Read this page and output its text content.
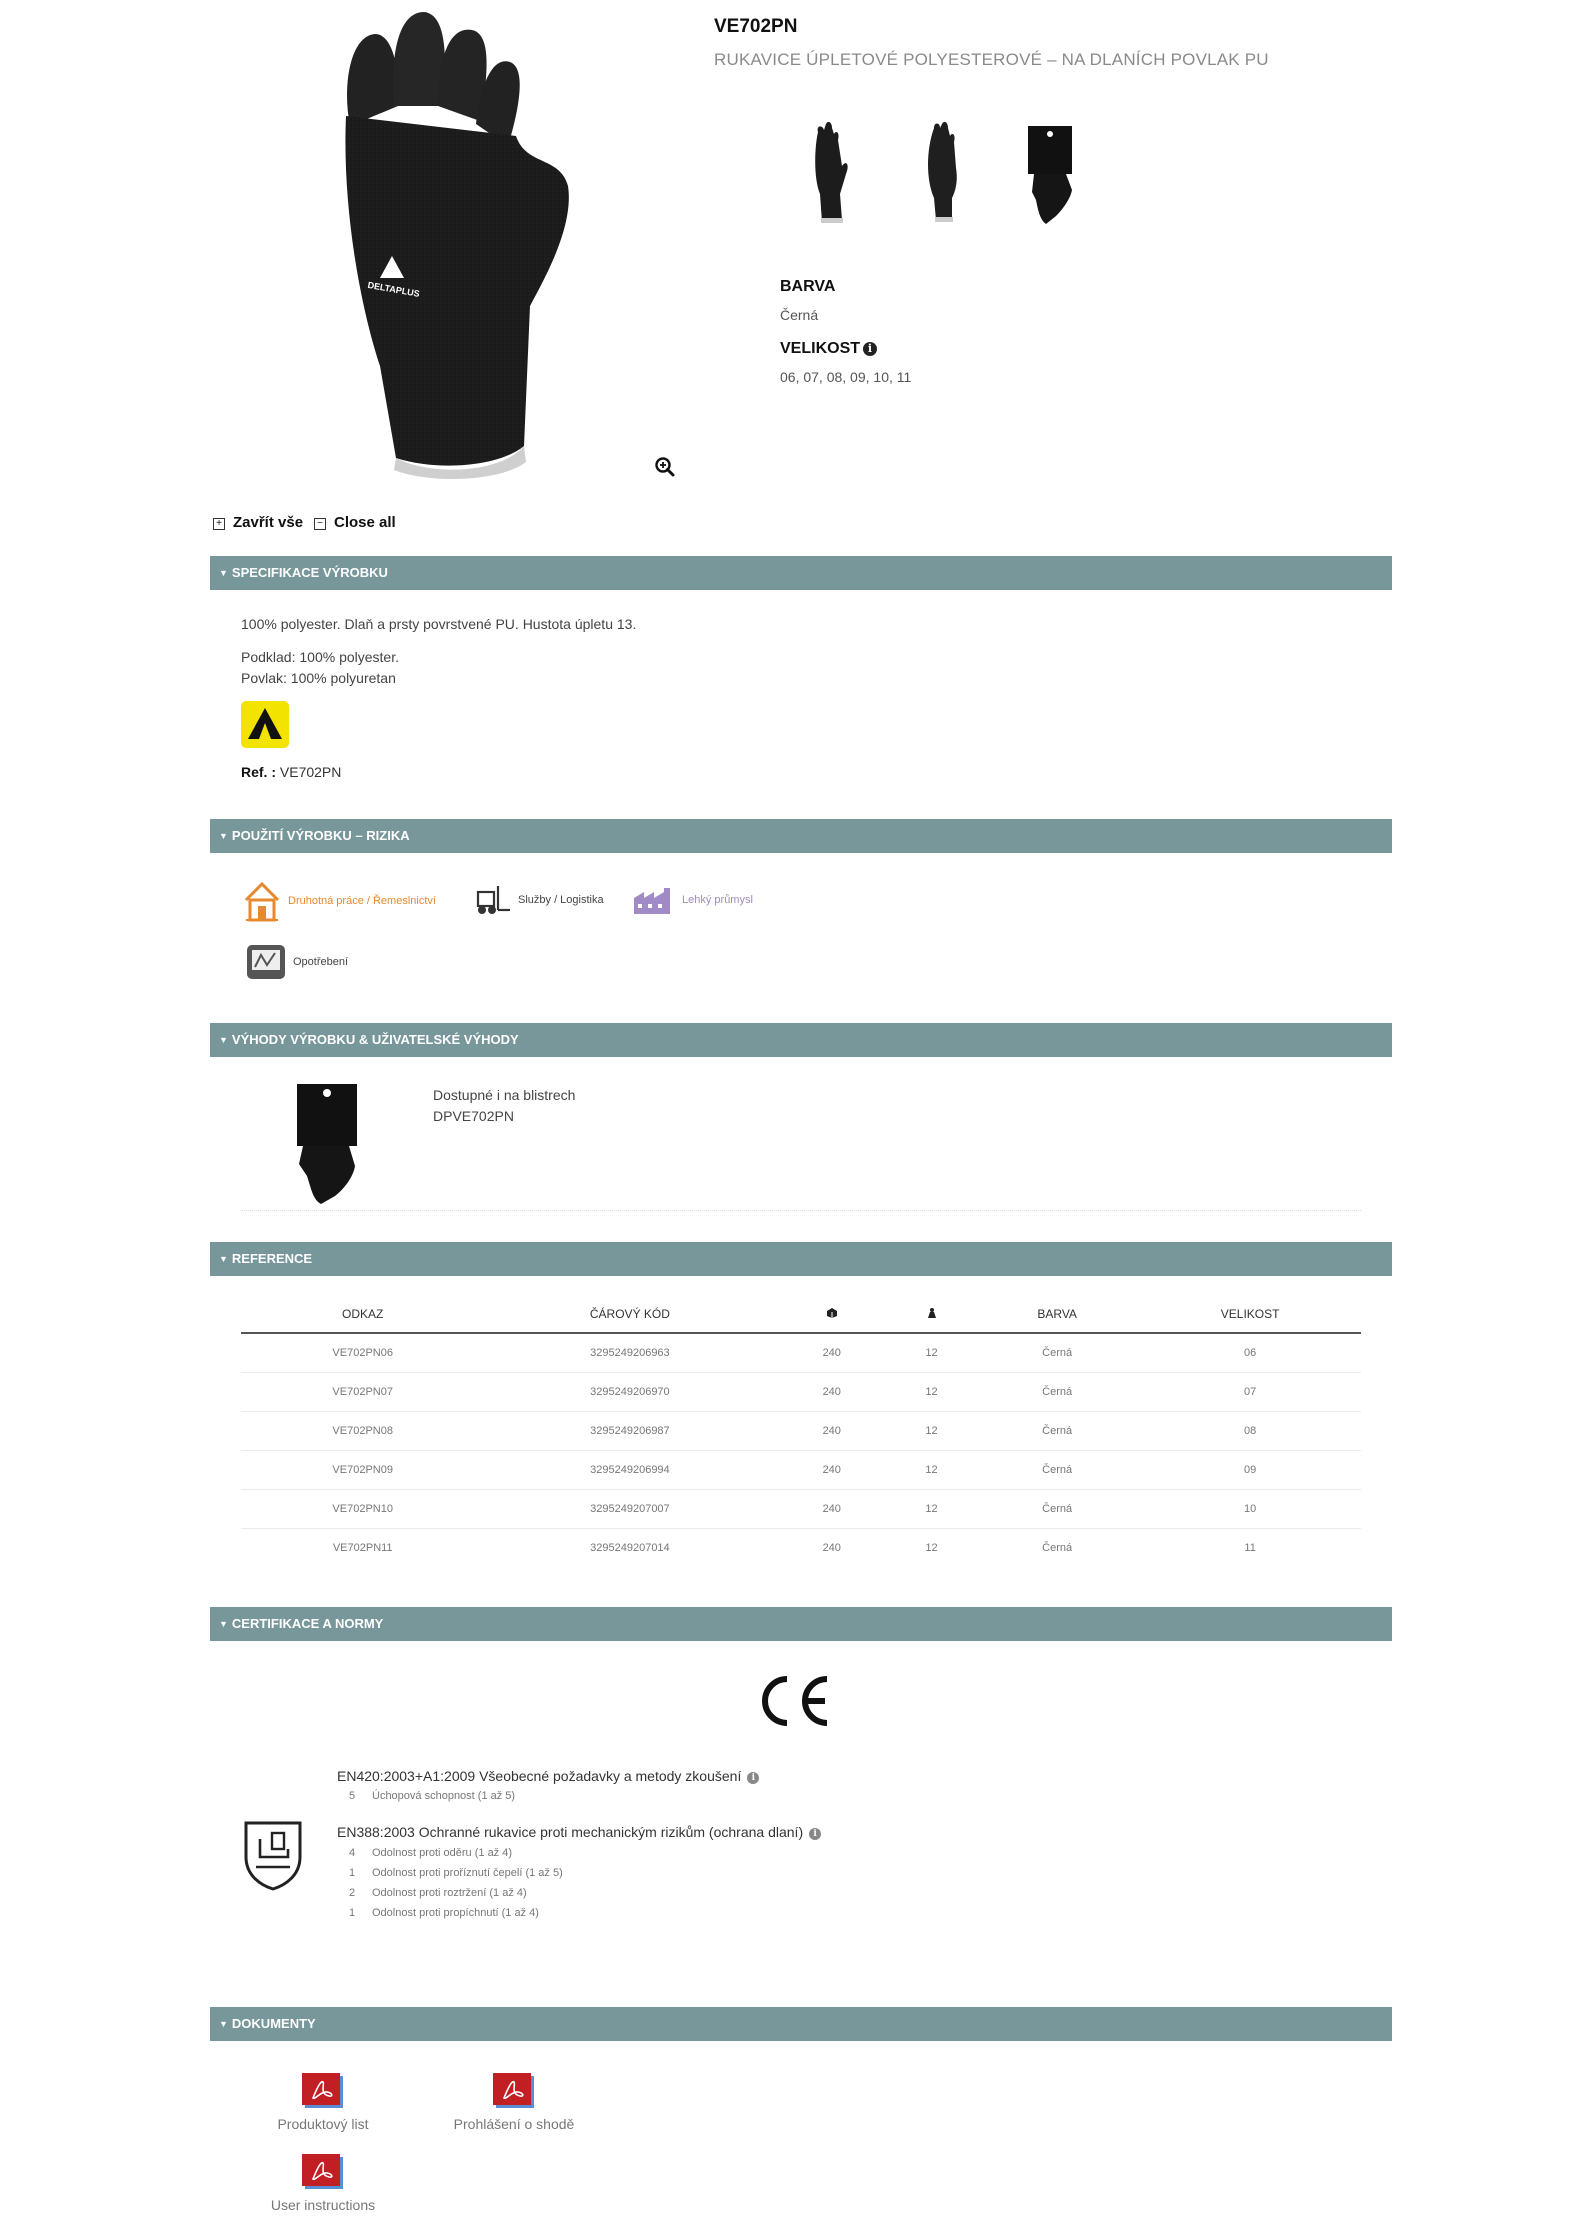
DELTAPLUS
VE702PN
RUKAVICE ÚPLETOVÉ POLYESTEROVÉ – NA DLANÍCH POVLAK PU
BARVA
Černá
VELIKOST i
06, 07, 08, 09, 10, 11
+ Zavřít vše	− Close all
▼ SPECIFIKACE VÝROBKU
100% polyester. Dlaň a prsty povrstvené PU. Hustota úpletu 13.
Podklad: 100% polyester.
Povlak: 100% polyuretan
Ref. : VE702PN
▼ POUŽITÍ VÝROBKU – RIZIKA
Druhotná práce / Řemeslnictví	Služby / Logistika	Lehký průmysl
Opotřebení
▼ VÝHODY VÝROBKU & UŽIVATELSKÉ VÝHODY
Dostupné i na blistrech
DPVE702PN
▼ REFERENCE
ODKAZ	ČÁROVÝ KÓD			BARVA	VELIKOST
VE702PN06	3295249206963	240	12	Černá	06
VE702PN07	3295249206970	240	12	Černá	07
VE702PN08	3295249206987	240	12	Černá	08
VE702PN09	3295249206994	240	12	Černá	09
VE702PN10	3295249207007	240	12	Černá	10
VE702PN11	3295249207014	240	12	Černá	11
▼ CERTIFIKACE A NORMY
EN420:2003+A1:2009 Všeobecné požadavky a metody zkoušení i
5 Úchopová schopnost (1 až 5)
EN388:2003 Ochranné rukavice proti mechanickým rizikům (ochrana dlaní) i
4 Odolnost proti oděru (1 až 4)
1 Odolnost proti proříznutí čepelí (1 až 5)
2 Odolnost proti roztržení (1 až 4)
1 Odolnost proti propíchnutí (1 až 4)
▼ DOKUMENTY
Produktový list	Prohlášení o shodě
User instructions
